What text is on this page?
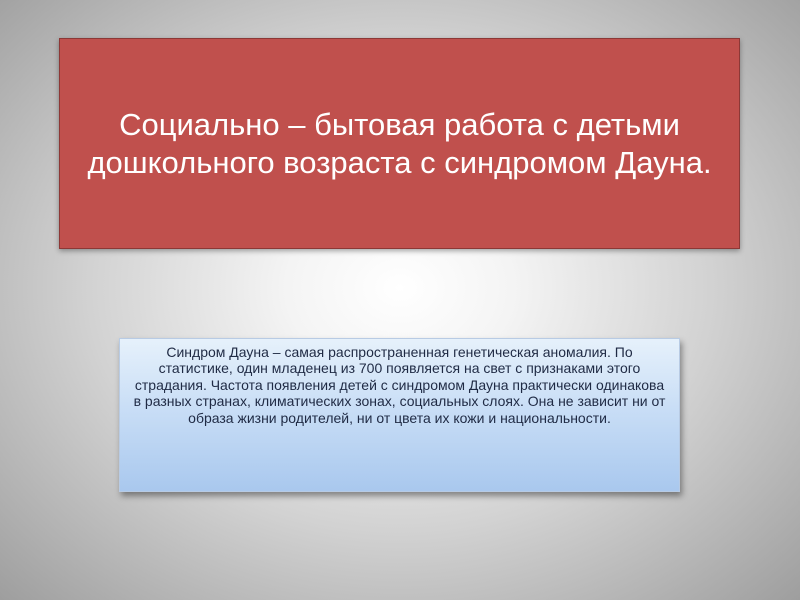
Социально – бытовая работа с детьми дошкольного возраста с синдромом Дауна.

Синдром Дауна – самая распространенная генетическая аномалия. По статистике, один младенец из 700 появляется на свет с признаками этого страдания. Частота появления детей с синдромом Дауна практически одинакова в разных странах, климатических зонах, социальных слоях. Она не зависит ни от образа жизни родителей, ни от цвета их кожи и национальности.
